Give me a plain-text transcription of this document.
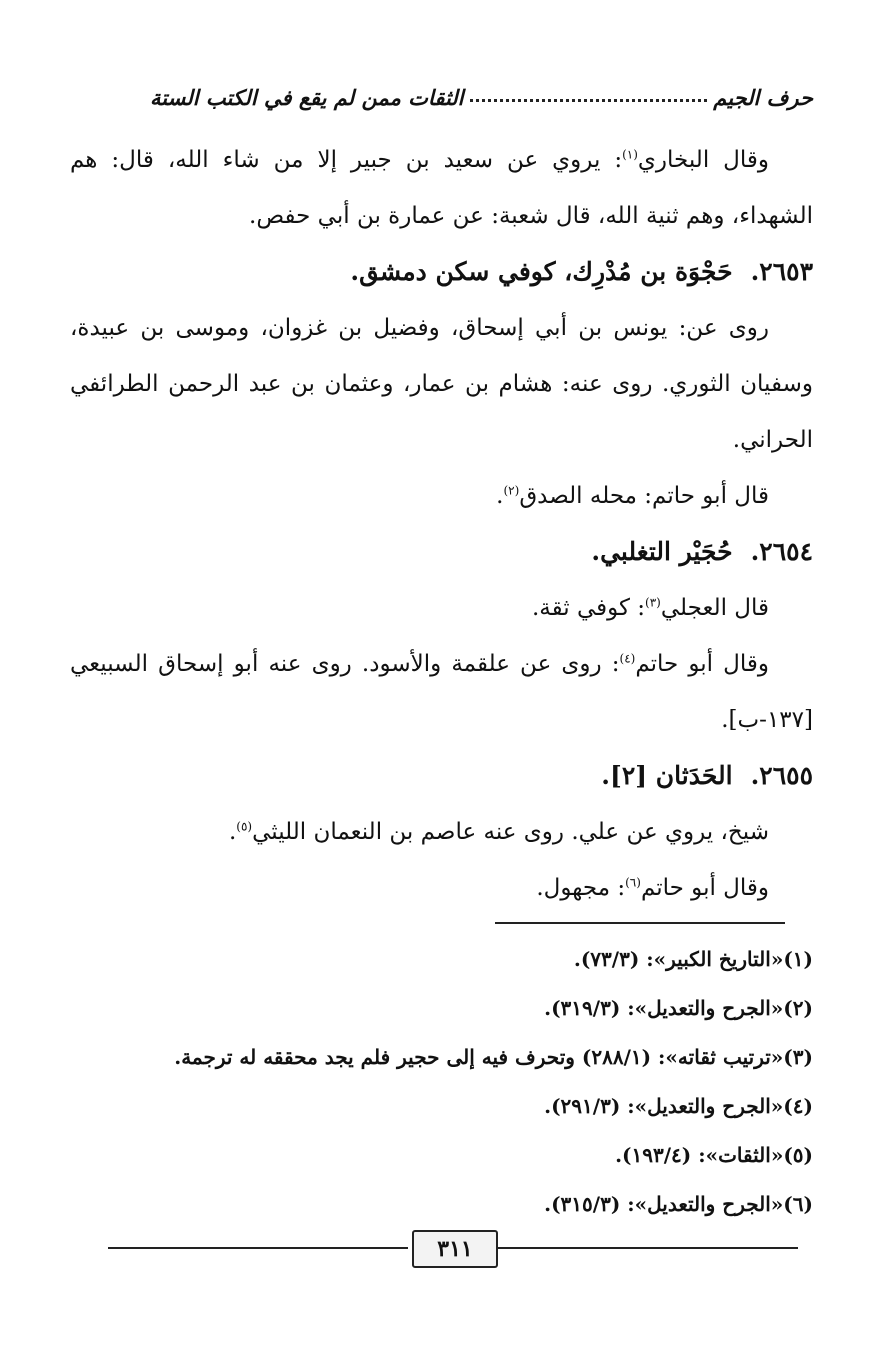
حرف الجيم
الثقات ممن لم يقع في الكتب الستة
وقال البخاري$^{(١)}$: يروي عن سعيد بن جبير إلا من شاء الله، قال: هم
الشهداء، وهم ثنية الله، قال شعبة: عن عمارة بن أبي حفص.
٢٦٥٣.حَجْوَة بن مُدْرِك، كوفي سكن دمشق.
روى عن: يونس بن أبي إسحاق، وفضيل بن غزوان، وموسى بن عبيدة،
وسفيان الثوري. روى عنه: هشام بن عمار، وعثمان بن عبد الرحمن الطرائفي
الحراني.
قال أبو حاتم: محله الصدق$^{(٢)}$.
٢٦٥٤.حُجَيْر التغلبي.
قال العجلي$^{(٣)}$: كوفي ثقة.
وقال أبو حاتم$^{(٤)}$: روى عن علقمة والأسود. روى عنه أبو إسحاق السبيعي
[١٣٧-ب].
٢٦٥٥.الحَدَثان [٢].
شيخ، يروي عن علي. روى عنه عاصم بن النعمان الليثي$^{(٥)}$.
وقال أبو حاتم$^{(٦)}$: مجهول.
(١)«التاريخ الكبير»: (٧٣/٣).
(٢)«الجرح والتعديل»: (٣١٩/٣).
(٣)«ترتيب ثقاته»: (٢٨٨/١) وتحرف فيه إلى حجير فلم يجد محققه له ترجمة.
(٤)«الجرح والتعديل»: (٢٩١/٣).
(٥)«الثقات»: (١٩٣/٤).
(٦)«الجرح والتعديل»: (٣١٥/٣).
٣١١
